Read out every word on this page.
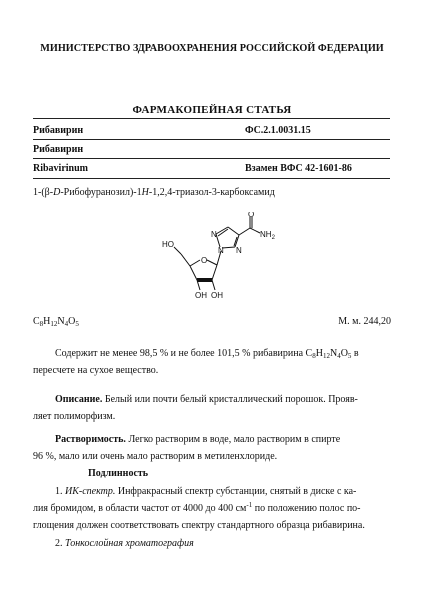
МИНИСТЕРСТВО ЗДРАВООХРАНЕНИЯ РОССИЙСКОЙ ФЕДЕРАЦИИ
ФАРМАКОПЕЙНАЯ СТАТЬЯ
Рибавирин	ФС.2.1.0031.15
Рибавирин
Ribavirinum	Взамен ВФС 42-1601-86
1-(β-D-Рибофуранозил)-1H-1,2,4-триазол-3-карбоксамид
N
N
N
O
O
$NH_2$
HO
OH OH
$C_8H_{12}N_4O_5$	М. м. 244,20
Содержит не менее 98,5 % и не более 101,5 % рибавирина $C_8H_{12}N_4O_5$ в
пересчете на сухое вещество.
Описание. Белый или почти белый кристаллический порошок. Прояв-
ляет полиморфизм.
Растворимость. Легко растворим в воде, мало растворим в спирте
96 %, мало или очень мало растворим в метиленхлориде.
Подлинность
1. ИК-спектр. Инфракрасный спектр субстанции, снятый в диске с ка-
лия бромидом, в области частот от 4000 до 400 $см^{-1}$ по положению полос по-
глощения должен соответствовать спектру стандартного образца рибавирина.
2. Тонкослойная хроматография
